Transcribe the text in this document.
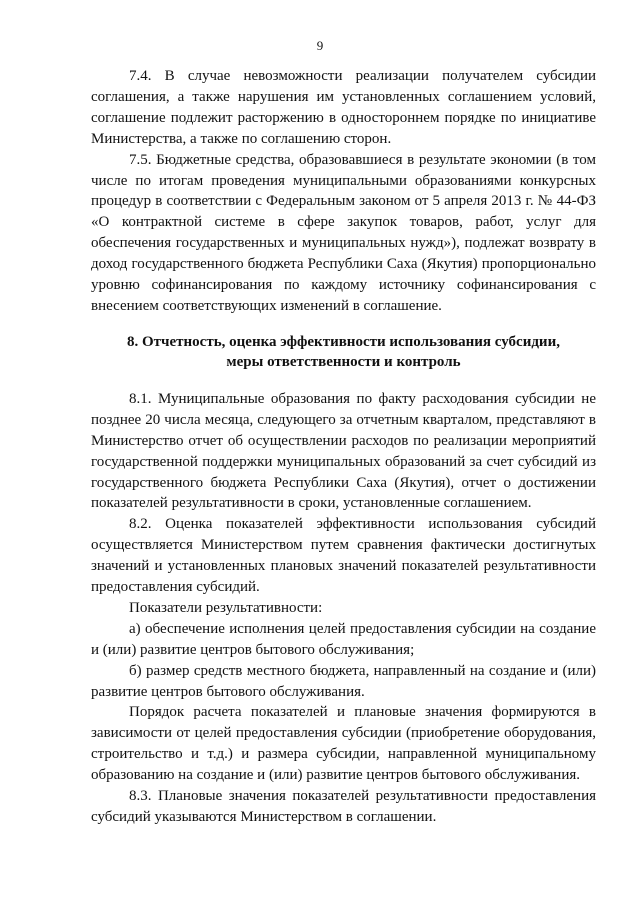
9

7.4. В случае невозможности реализации получателем субсидии соглашения, а также нарушения им установленных соглашением условий, соглашение подлежит расторжению в одностороннем порядке по инициативе Министерства, а также по соглашению сторон.

7.5. Бюджетные средства, образовавшиеся в результате экономии (в том числе по итогам проведения муниципальными образованиями конкурсных процедур в соответствии с Федеральным законом от 5 апреля 2013 г. № 44-ФЗ «О контрактной системе в сфере закупок товаров, работ, услуг для обеспечения государственных и муниципальных нужд»), подлежат возврату в доход государственного бюджета Республики Саха (Якутия) пропорционально уровню софинансирования по каждому источнику софинансирования с внесением соответствующих изменений в соглашение.

8. Отчетность, оценка эффективности использования субсидии,
меры ответственности и контроль

8.1. Муниципальные образования по факту расходования субсидии не позднее 20 числа месяца, следующего за отчетным кварталом, представляют в Министерство отчет об осуществлении расходов по реализации мероприятий государственной поддержки муниципальных образований за счет субсидий из государственного бюджета Республики Саха (Якутия), отчет о достижении показателей результативности в сроки, установленные соглашением.

8.2. Оценка показателей эффективности использования субсидий осуществляется Министерством путем сравнения фактически достигнутых значений и установленных плановых значений показателей результативности предоставления субсидий.

Показатели результативности:

а) обеспечение исполнения целей предоставления субсидии на создание и (или) развитие центров бытового обслуживания;

б) размер средств местного бюджета, направленный на создание и (или) развитие центров бытового обслуживания.

Порядок расчета показателей и плановые значения формируются в зависимости от целей предоставления субсидии (приобретение оборудования, строительство и т.д.) и размера субсидии, направленной муниципальному образованию на создание и (или) развитие центров бытового обслуживания.

8.3. Плановые значения показателей результативности предоставления субсидий указываются Министерством в соглашении.
